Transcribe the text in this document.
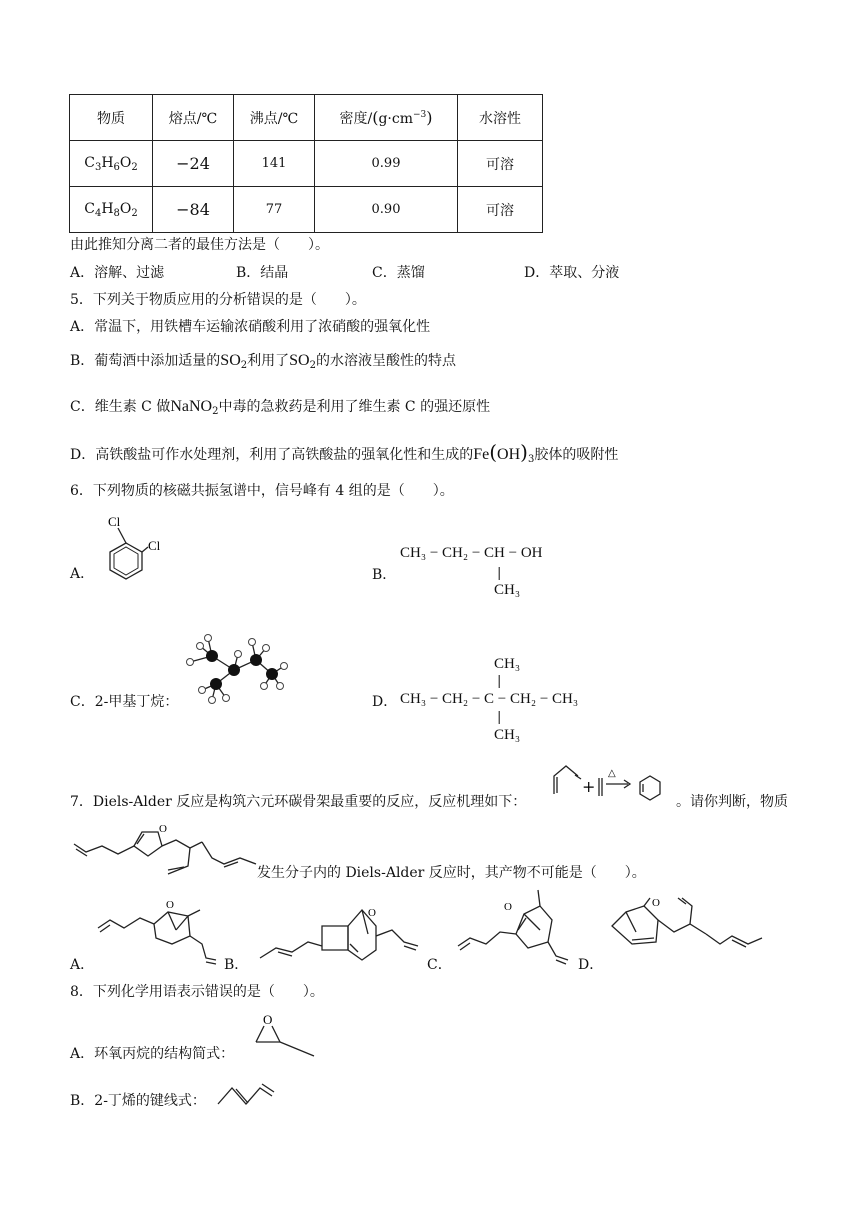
物质	熔点/℃	沸点/℃	密度$/(g\cdot cm^{-3})$	水溶性
$C_3H_6O_2$	−24	141	0.99	可溶
$C_4H_8O_2$	−84	77	0.90	可溶
由此推知分离二者的最佳方法是（　　）。
A．溶解、过滤	B．结晶	C．蒸馏	D．萃取、分液
5．下列关于物质应用的分析错误的是（　　）。
A．常温下，用铁槽车运输浓硝酸利用了浓硝酸的强氧化性
B．葡萄酒中添加适量的$SO_2$利用了$SO_2$的水溶液呈酸性的特点
C．维生素 C 做NaNO$_2$中毒的急救药是利用了维生素 C 的强还原性
D．高铁酸盐可作水处理剂，利用了高铁酸盐的强氧化性和生成的$Fe(OH)_3$胶体的吸附性
6．下列物质的核磁共振氢谱中，信号峰有 4 组的是（　　）。
A．
Cl
Cl
B．
CH₃ − CH₂ − CH − OH
|
CH₃
C．2-甲基丁烷：	D．
CH₃
|
CH₃ − CH₂ − C − CH₂ − CH₃
|
CH₃
7．Diels-Alder 反应是构筑六元环碳骨架最重要的反应，反应机理如下：
+
△
。请你判断，物质
O
发生分子内的 Diels-Alder 反应时，其产物不可能是（　　）。
A．
O
B．
O
C．
O
D．
O
8．下列化学用语表示错误的是（　　）。
A．环氧丙烷的结构简式：
O
B．2-丁烯的键线式：
